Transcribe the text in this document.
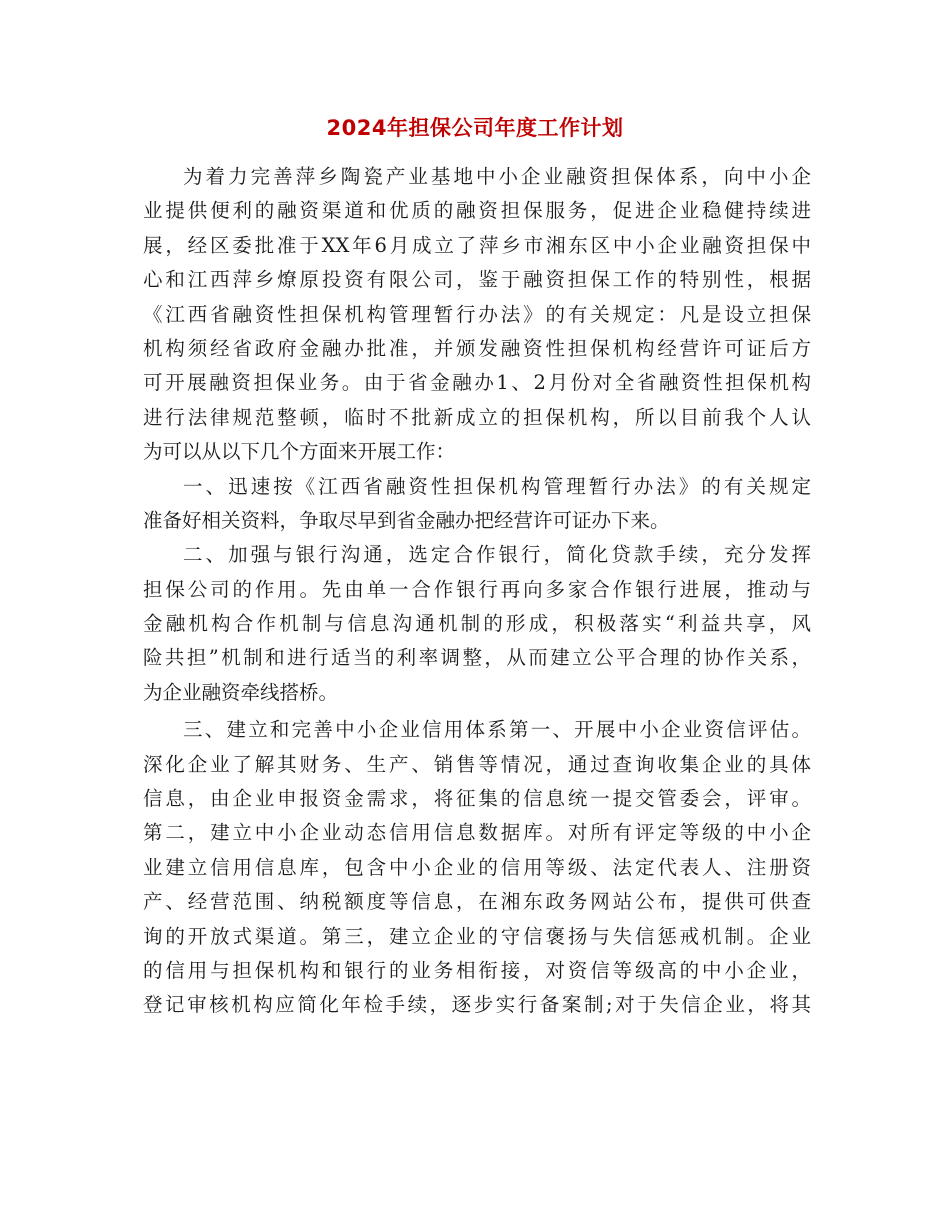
2024年担保公司年度工作计划
为着力完善萍乡陶瓷产业基地中小企业融资担保体系，向中小企
业提供便利的融资渠道和优质的融资担保服务，促进企业稳健持续进
展，经区委批准于XX年6月成立了萍乡市湘东区中小企业融资担保中
心和江西萍乡燎原投资有限公司，鉴于融资担保工作的特别性，根据
《江西省融资性担保机构管理暂行办法》的有关规定：凡是设立担保
机构须经省政府金融办批准，并颁发融资性担保机构经营许可证后方
可开展融资担保业务。由于省金融办1、2月份对全省融资性担保机构
进行法律规范整顿，临时不批新成立的担保机构，所以目前我个人认
为可以从以下几个方面来开展工作：
一、迅速按《江西省融资性担保机构管理暂行办法》的有关规定
准备好相关资料，争取尽早到省金融办把经营许可证办下来。
二、加强与银行沟通，选定合作银行，简化贷款手续，充分发挥
担保公司的作用。先由单一合作银行再向多家合作银行进展，推动与
金融机构合作机制与信息沟通机制的形成，积极落实“利益共享，风
险共担”机制和进行适当的利率调整，从而建立公平合理的协作关系，
为企业融资牵线搭桥。
三、建立和完善中小企业信用体系第一、开展中小企业资信评估。
深化企业了解其财务、生产、销售等情况，通过查询收集企业的具体
信息，由企业申报资金需求，将征集的信息统一提交管委会，评审。
第二，建立中小企业动态信用信息数据库。对所有评定等级的中小企
业建立信用信息库，包含中小企业的信用等级、法定代表人、注册资
产、经营范围、纳税额度等信息，在湘东政务网站公布，提供可供查
询的开放式渠道。第三，建立企业的守信褒扬与失信惩戒机制。企业
的信用与担保机构和银行的业务相衔接，对资信等级高的中小企业，
登记审核机构应简化年检手续，逐步实行备案制;对于失信企业，将其
